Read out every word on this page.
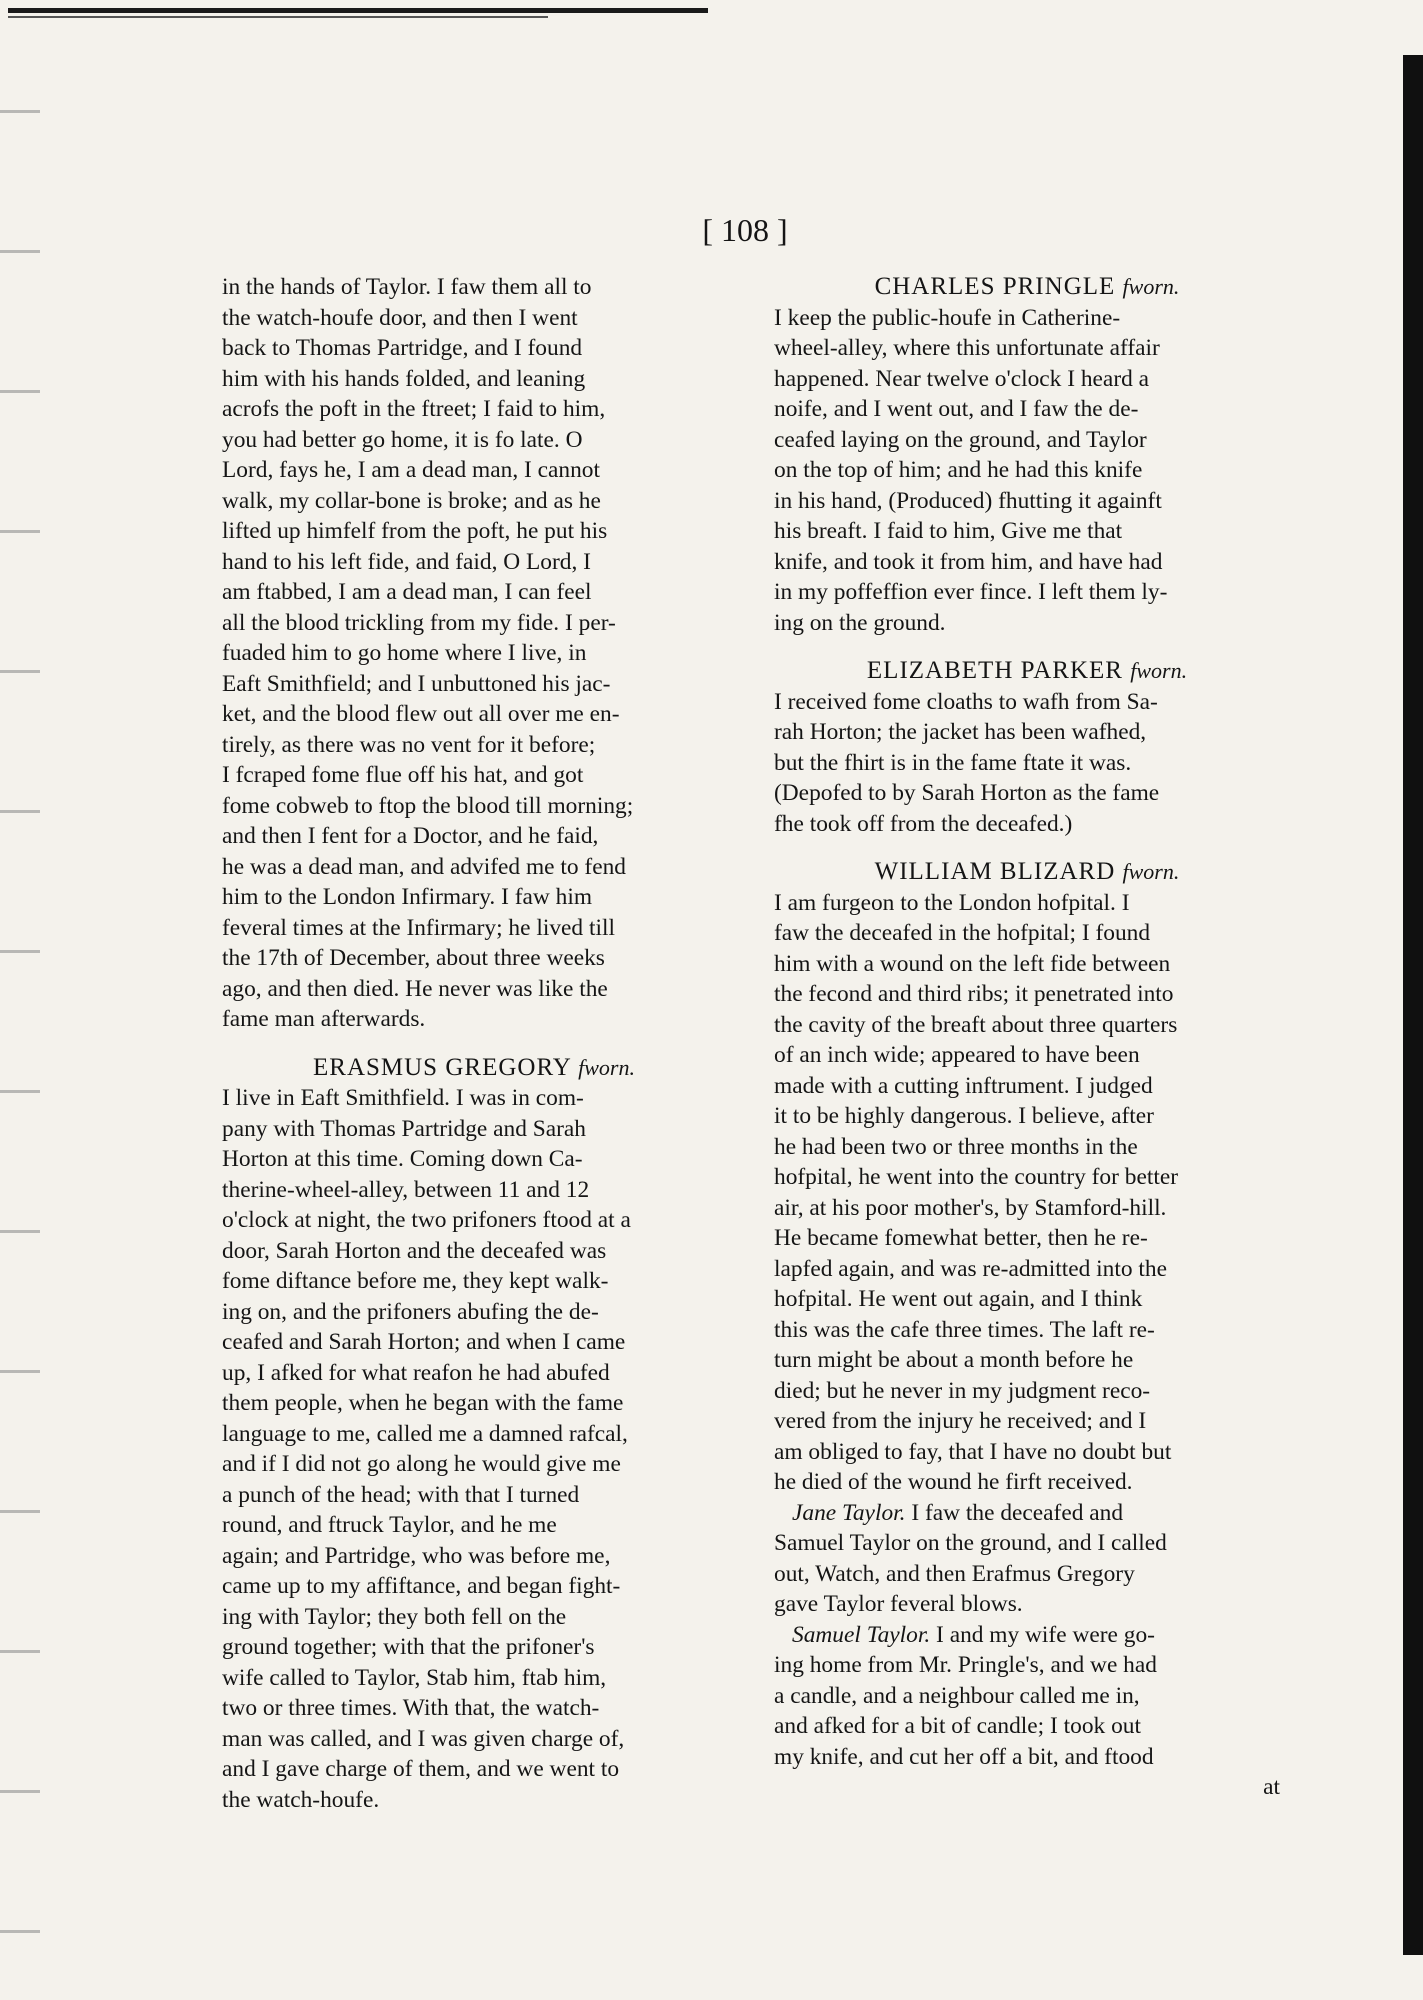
[ 108 ]
in the hands of Taylor. I faw them all to
the watch-houfe door, and then I went
back to Thomas Partridge, and I found
him with his hands folded, and leaning
acrofs the poft in the ftreet; I faid to him,
you had better go home, it is fo late. O
Lord, fays he, I am a dead man, I cannot
walk, my collar-bone is broke; and as he
lifted up himfelf from the poft, he put his
hand to his left fide, and faid, O Lord, I
am ftabbed, I am a dead man, I can feel
all the blood trickling from my fide. I per-
fuaded him to go home where I live, in
Eaft Smithfield; and I unbuttoned his jac-
ket, and the blood flew out all over me en-
tirely, as there was no vent for it before;
I fcraped fome flue off his hat, and got
fome cobweb to ftop the blood till morning;
and then I fent for a Doctor, and he faid,
he was a dead man, and advifed me to fend
him to the London Infirmary. I faw him
feveral times at the Infirmary; he lived till
the 17th of December, about three weeks
ago, and then died. He never was like the
fame man afterwards.
ERASMUS GREGORY fworn.
I live in Eaft Smithfield. I was in com-
pany with Thomas Partridge and Sarah
Horton at this time. Coming down Ca-
therine-wheel-alley, between 11 and 12
o'clock at night, the two prifoners ftood at a
door, Sarah Horton and the deceafed was
fome diftance before me, they kept walk-
ing on, and the prifoners abufing the de-
ceafed and Sarah Horton; and when I came
up, I afked for what reafon he had abufed
them people, when he began with the fame
language to me, called me a damned rafcal,
and if I did not go along he would give me
a punch of the head; with that I turned
round, and ftruck Taylor, and he me
again; and Partridge, who was before me,
came up to my affiftance, and began fight-
ing with Taylor; they both fell on the
ground together; with that the prifoner's
wife called to Taylor, Stab him, ftab him,
two or three times. With that, the watch-
man was called, and I was given charge of,
and I gave charge of them, and we went to
the watch-houfe.
CHARLES PRINGLE fworn.
I keep the public-houfe in Catherine-
wheel-alley, where this unfortunate affair
happened. Near twelve o'clock I heard a
noife, and I went out, and I faw the de-
ceafed laying on the ground, and Taylor
on the top of him; and he had this knife
in his hand, (Produced) fhutting it againft
his breaft. I faid to him, Give me that
knife, and took it from him, and have had
in my poffeffion ever fince. I left them ly-
ing on the ground.
ELIZABETH PARKER fworn.
I received fome cloaths to wafh from Sa-
rah Horton; the jacket has been wafhed,
but the fhirt is in the fame ftate it was.
(Depofed to by Sarah Horton as the fame
fhe took off from the deceafed.)
WILLIAM BLIZARD fworn.
I am furgeon to the London hofpital. I
faw the deceafed in the hofpital; I found
him with a wound on the left fide between
the fecond and third ribs; it penetrated into
the cavity of the breaft about three quarters
of an inch wide; appeared to have been
made with a cutting inftrument. I judged
it to be highly dangerous. I believe, after
he had been two or three months in the
hofpital, he went into the country for better
air, at his poor mother's, by Stamford-hill.
He became fomewhat better, then he re-
lapfed again, and was re-admitted into the
hofpital. He went out again, and I think
this was the cafe three times. The laft re-
turn might be about a month before he
died; but he never in my judgment reco-
vered from the injury he received; and I
am obliged to fay, that I have no doubt but
he died of the wound he firft received.
Jane Taylor. I faw the deceafed and
Samuel Taylor on the ground, and I called
out, Watch, and then Erafmus Gregory
gave Taylor feveral blows.
Samuel Taylor. I and my wife were go-
ing home from Mr. Pringle's, and we had
a candle, and a neighbour called me in,
and afked for a bit of candle; I took out
my knife, and cut her off a bit, and ftood
at
